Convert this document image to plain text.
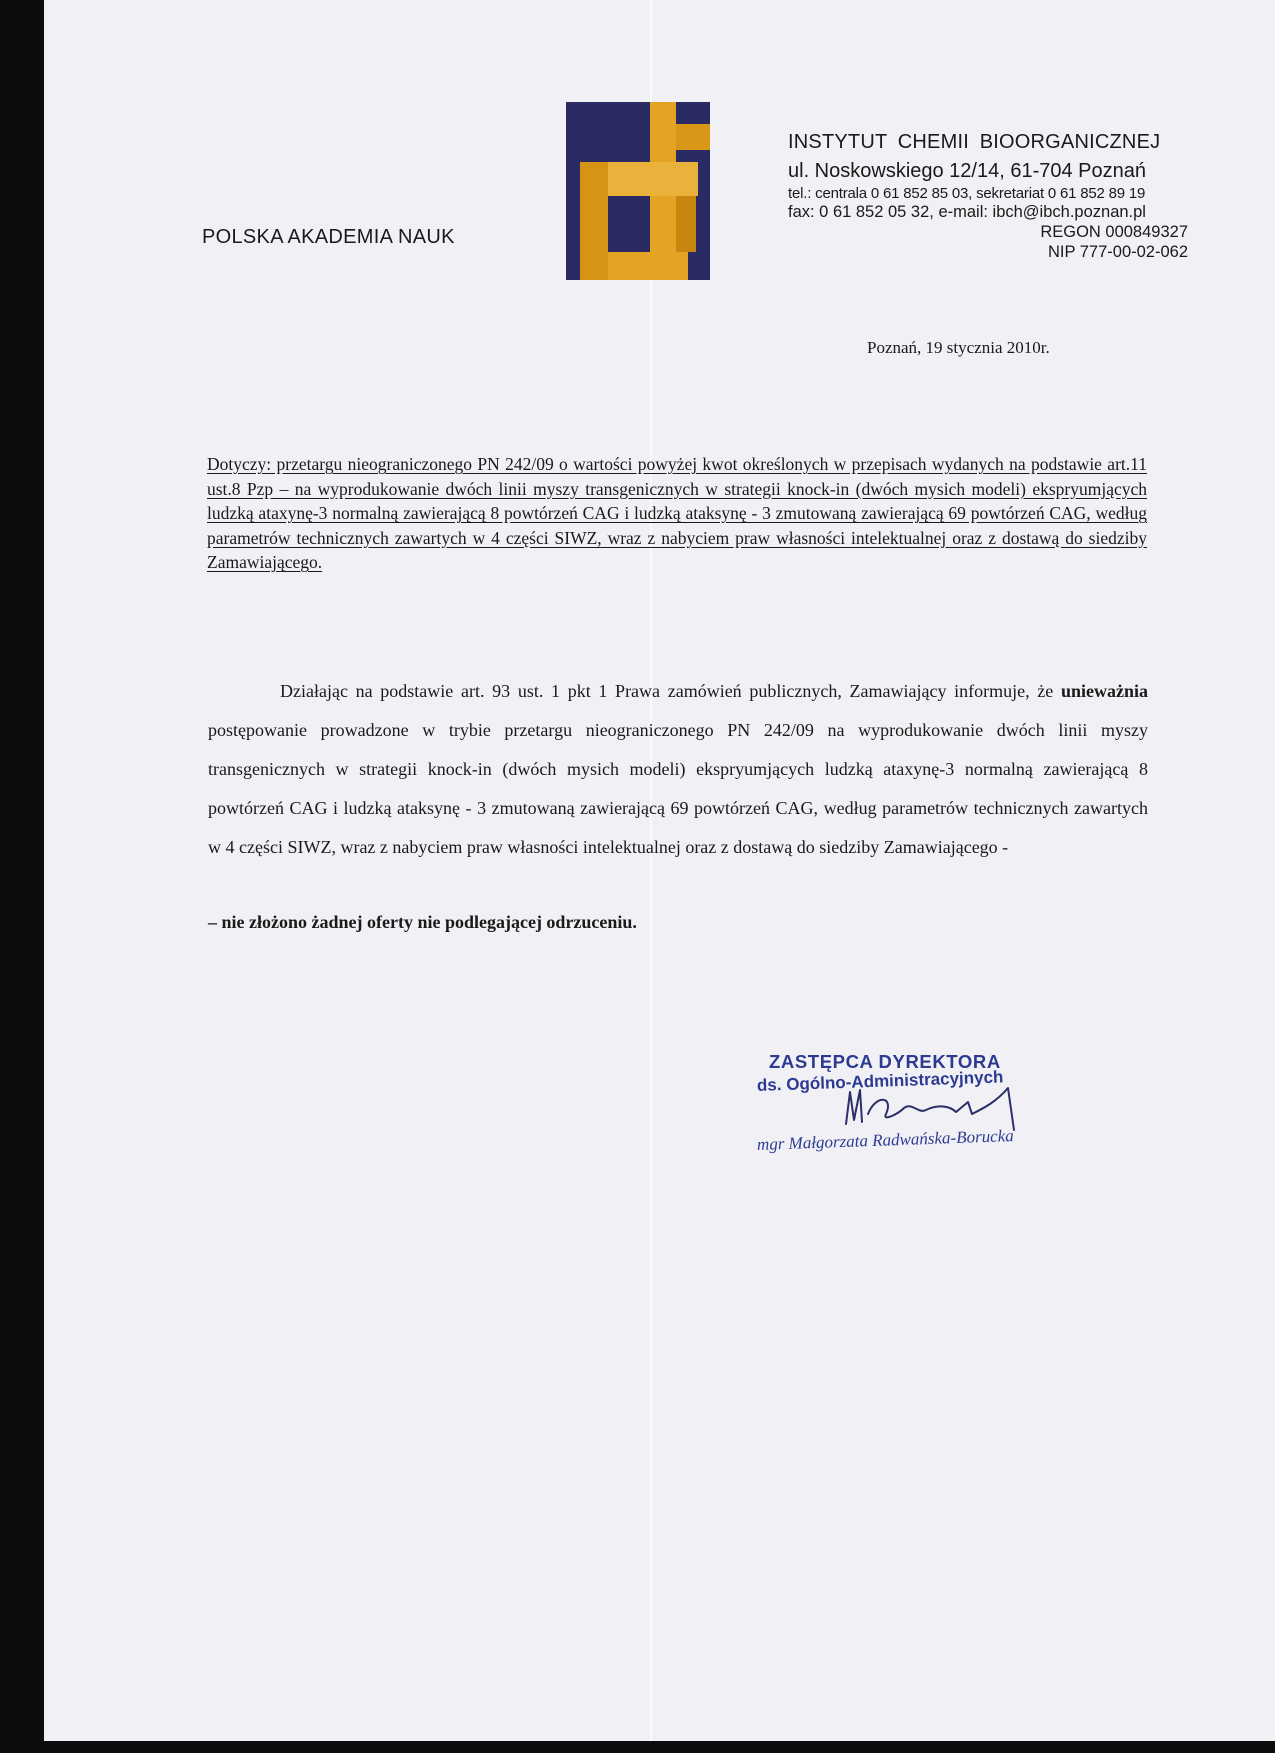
POLSKA AKADEMIA NAUK
INSTYTUT CHEMII BIOORGANICZNEJ
ul. Noskowskiego 12/14, 61-704 Poznań
tel.: centrala 0 61 852 85 03, sekretariat 0 61 852 89 19
fax: 0 61 852 05 32, e-mail: ibch@ibch.poznan.pl
REGON 000849327
NIP 777-00-02-062
Poznań, 19 stycznia 2010r.
Dotyczy: przetargu nieograniczonego PN 242/09 o wartości powyżej kwot określonych w przepisach wydanych na podstawie art.11 ust.8 Pzp – na wyprodukowanie dwóch linii myszy transgenicznych w strategii knock-in (dwóch mysich modeli) ekspryumjących ludzką ataxynę-3 normalną zawierającą 8 powtórzeń CAG i ludzką ataksynę - 3 zmutowaną zawierającą 69 powtórzeń CAG, według parametrów technicznych zawartych w 4 części SIWZ, wraz z nabyciem praw własności intelektualnej oraz z dostawą do siedziby Zamawiającego.
Działając na podstawie art. 93 ust. 1 pkt 1 Prawa zamówień publicznych, Zamawiający informuje, że unieważnia postępowanie prowadzone w trybie przetargu nieograniczonego PN 242/09 na wyprodukowanie dwóch linii myszy transgenicznych w strategii knock-in (dwóch mysich modeli) ekspryumjących ludzką ataxynę-3 normalną zawierającą 8 powtórzeń CAG i ludzką ataksynę - 3 zmutowaną zawierającą 69 powtórzeń CAG, według parametrów technicznych zawartych w 4 części SIWZ, wraz z nabyciem praw własności intelektualnej oraz z dostawą do siedziby Zamawiającego -
– nie złożono żadnej oferty nie podlegającej odrzuceniu.
ZASTĘPCA DYREKTORA
ds. Ogólno-Administracyjnych
mgr Małgorzata Radwańska-Borucka
